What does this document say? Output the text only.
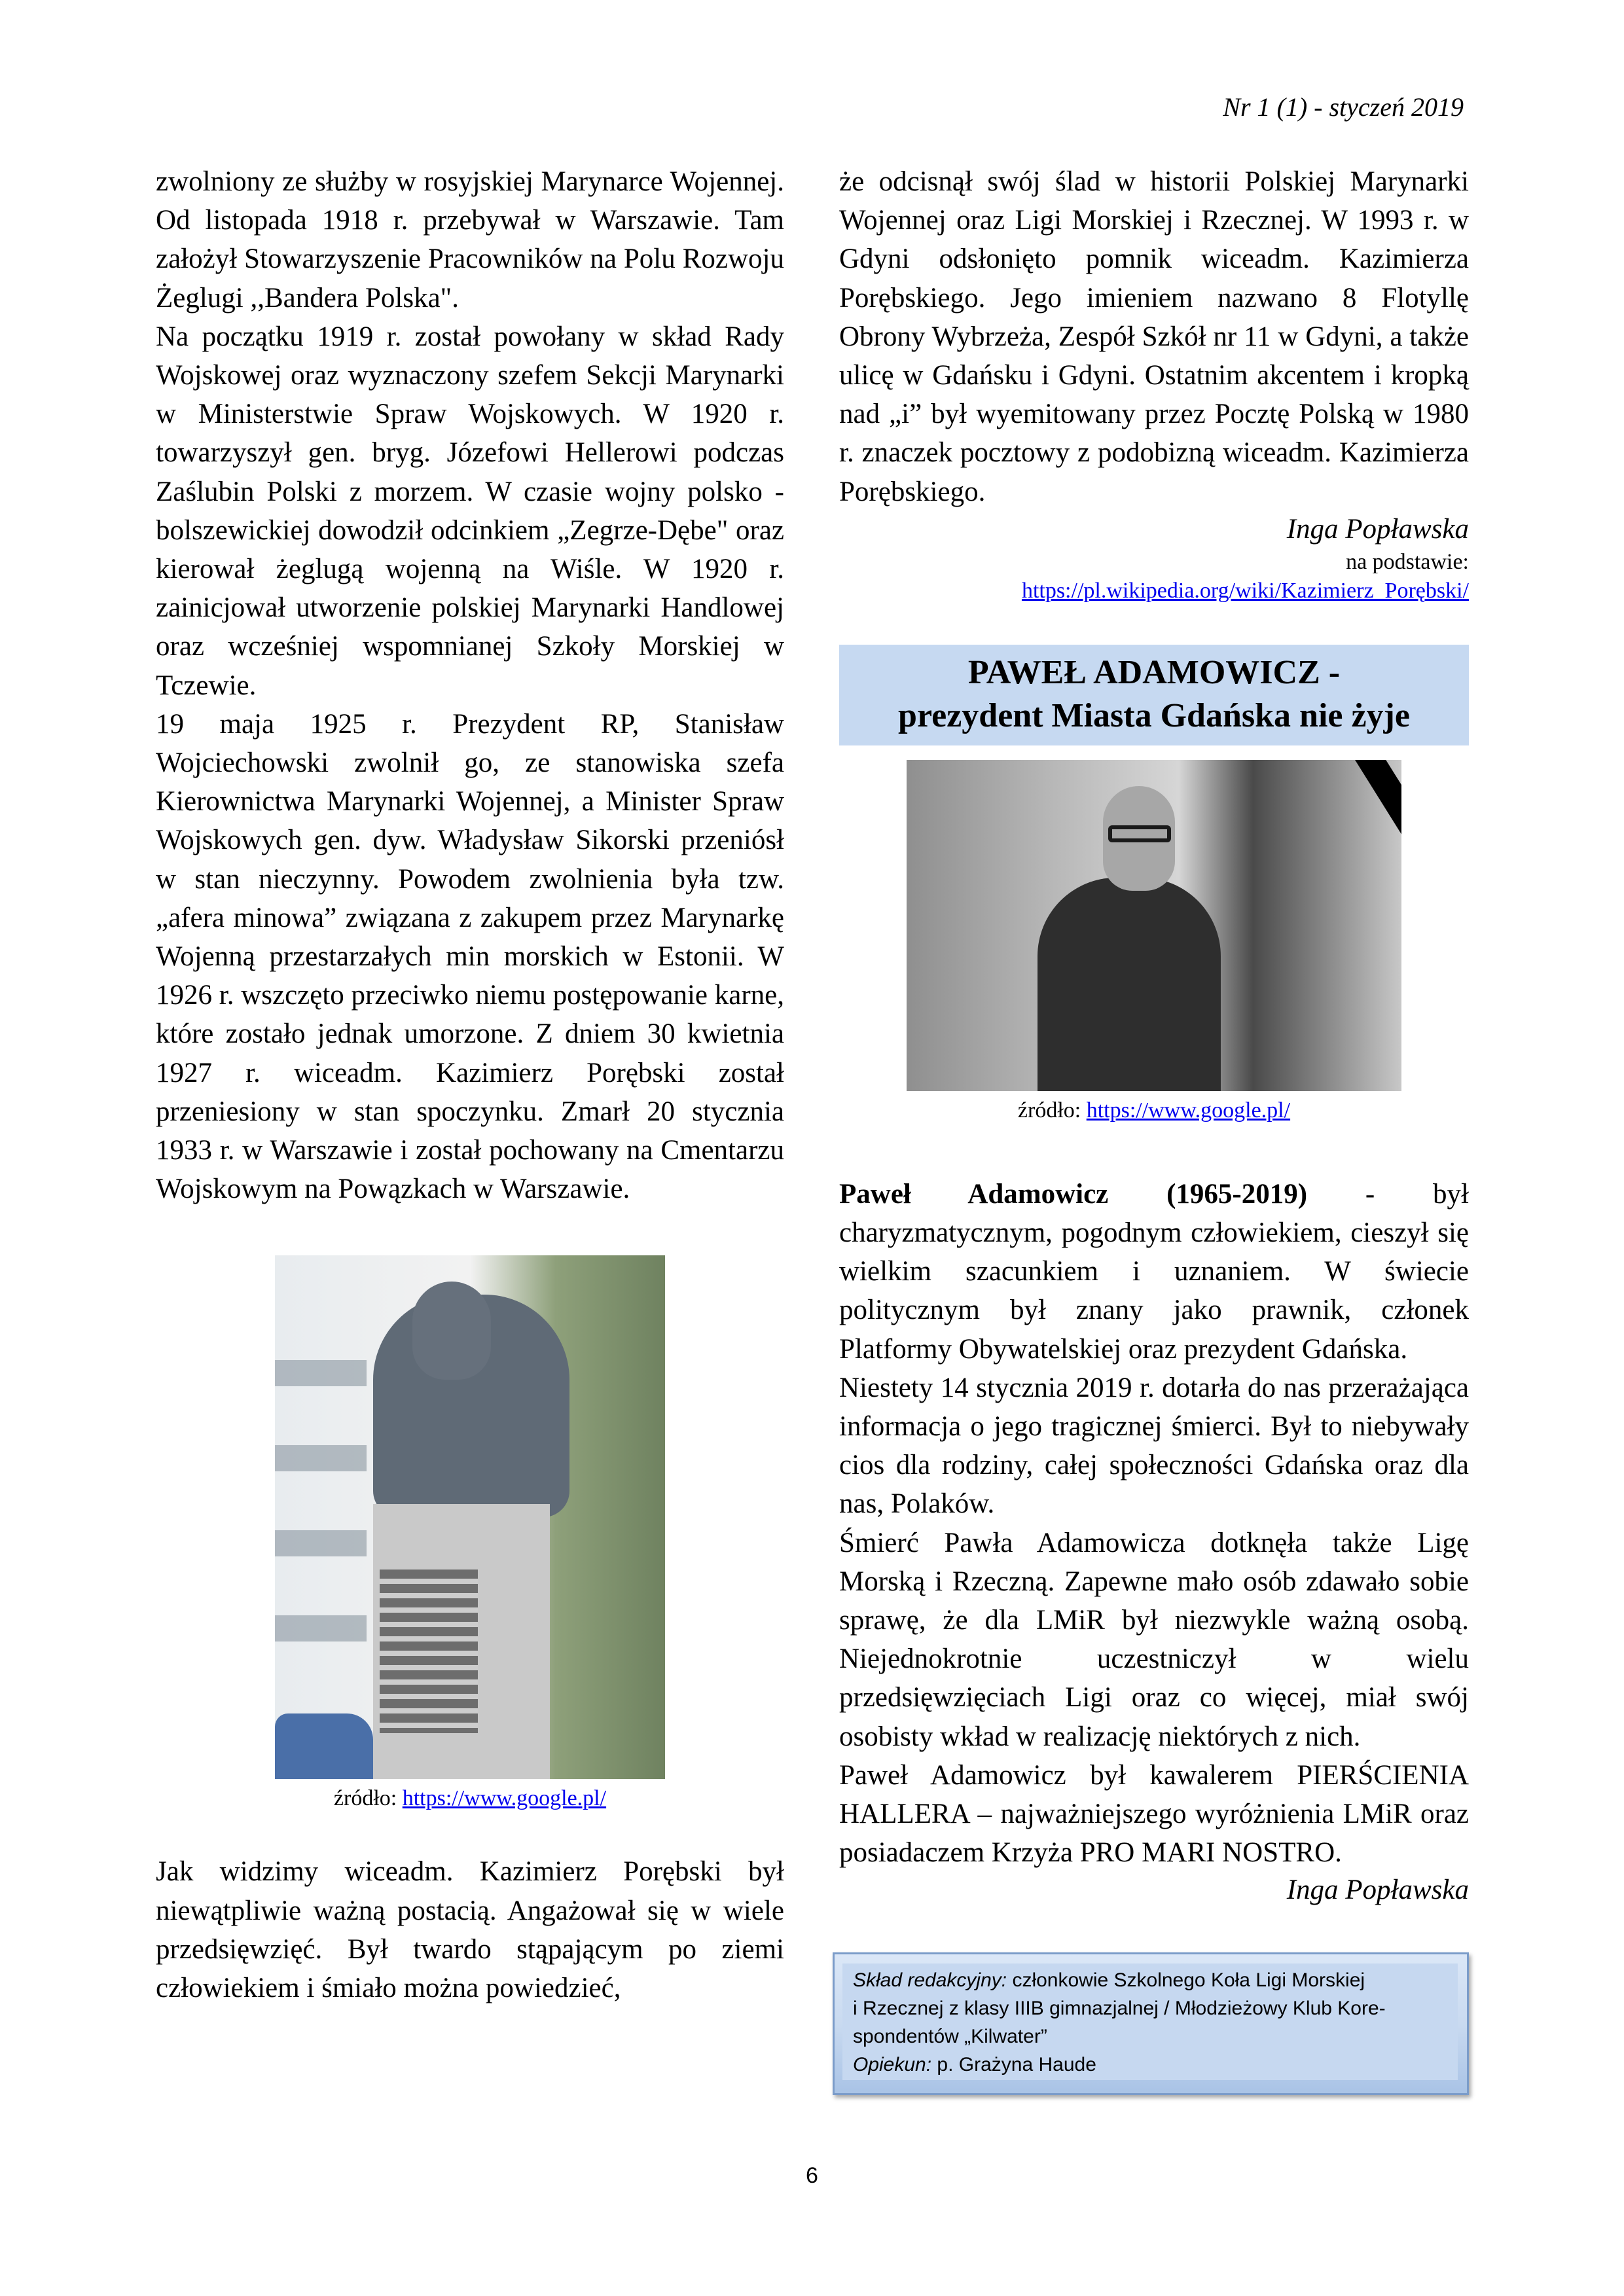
Nr 1 (1) - styczeń 2019

zwolniony ze służby w rosyjskiej Marynarce Wojennej. Od listopada 1918 r. przebywał w Warszawie. Tam założył Stowarzyszenie Pracowników na Polu Rozwoju Żeglugi ,,Bandera Polska".

Na początku 1919 r. został powołany w skład Rady Wojskowej oraz wyznaczony szefem Sekcji Marynarki w Ministerstwie Spraw Wojskowych. W 1920 r. towarzyszył gen. bryg. Józefowi Hellerowi podczas Zaślubin Polski z morzem. W czasie wojny polsko - bolszewickiej dowodził odcinkiem „Zegrze-Dębe" oraz kierował żeglugą wojenną na Wiśle. W 1920 r. zainicjował utworzenie polskiej Marynarki Handlowej oraz wcześniej wspomnianej Szkoły Morskiej w Tczewie.

19 maja 1925 r. Prezydent RP, Stanisław Wojciechowski zwolnił go, ze stanowiska szefa Kierownictwa Marynarki Wojennej, a Minister Spraw Wojskowych gen. dyw. Władysław Sikorski przeniósł w stan nieczynny. Powodem zwolnienia była tzw. „afera minowa” związana z zakupem przez Marynarkę Wojenną przestarzałych min morskich w Estonii. W 1926 r. wszczęto przeciwko niemu postępowanie karne, które zostało jednak umorzone. Z dniem 30 kwietnia 1927 r. wiceadm. Kazimierz Porębski został przeniesiony w stan spoczynku. Zmarł 20 stycznia 1933 r. w Warszawie i został pochowany na Cmentarzu Wojskowym na Powązkach w Warszawie.

źródło: https://www.google.pl/
Jak widzimy wiceadm. Kazimierz Porębski był niewątpliwie ważną postacią. Angażował się w wiele przedsięwzięć. Był twardo stąpającym po ziemi człowiekiem i śmiało można powiedzieć,
że odcisnął swój ślad w historii Polskiej Marynarki Wojennej oraz Ligi Morskiej i Rzecznej. W 1993 r. w Gdyni odsłonięto pomnik wiceadm. Kazimierza Porębskiego. Jego imieniem nazwano 8 Flotyllę Obrony Wybrzeża, Zespół Szkół nr 11 w Gdyni, a także ulicę w Gdańsku i Gdyni. Ostatnim akcentem i kropką nad „i” był wyemitowany przez Pocztę Polską w 1980 r. znaczek pocztowy z podobizną wiceadm. Kazimierza Porębskiego.
Inga Popławska
na podstawie:
https://pl.wikipedia.org/wiki/Kazimierz_Porębski/
PAWEŁ ADAMOWICZ -
prezydent Miasta Gdańska nie żyje
źródło: https://www.google.pl/

Paweł Adamowicz (1965-2019) - był charyzmatycznym, pogodnym człowiekiem, cieszył się wielkim szacunkiem i uznaniem. W świecie politycznym był znany jako prawnik, członek Platformy Obywatelskiej oraz prezydent Gdańska.

Niestety 14 stycznia 2019 r. dotarła do nas przerażająca informacja o jego tragicznej śmierci. Był to niebywały cios dla rodziny, całej społeczności Gdańska oraz dla nas, Polaków.

Śmierć Pawła Adamowicza dotknęła także Ligę Morską i Rzeczną. Zapewne mało osób zdawało sobie sprawę, że dla LMiR był niezwykle ważną osobą. Niejednokrotnie uczestniczył w wielu przedsięwzięciach Ligi oraz co więcej, miał swój osobisty wkład w realizację niektórych z nich.

Paweł Adamowicz był kawalerem PIERŚCIENIA HALLERA – najważniejszego wyróżnienia LMiR oraz posiadaczem Krzyża PRO MARI NOSTRO.

Inga Popławska
Skład redakcyjny: członkowie Szkolnego Koła Ligi Morskiej
i Rzecznej z klasy IIIB gimnazjalnej / Młodzieżowy Klub Kore-
spondentów „Kilwater”
Opiekun: p. Grażyna Haude
6
